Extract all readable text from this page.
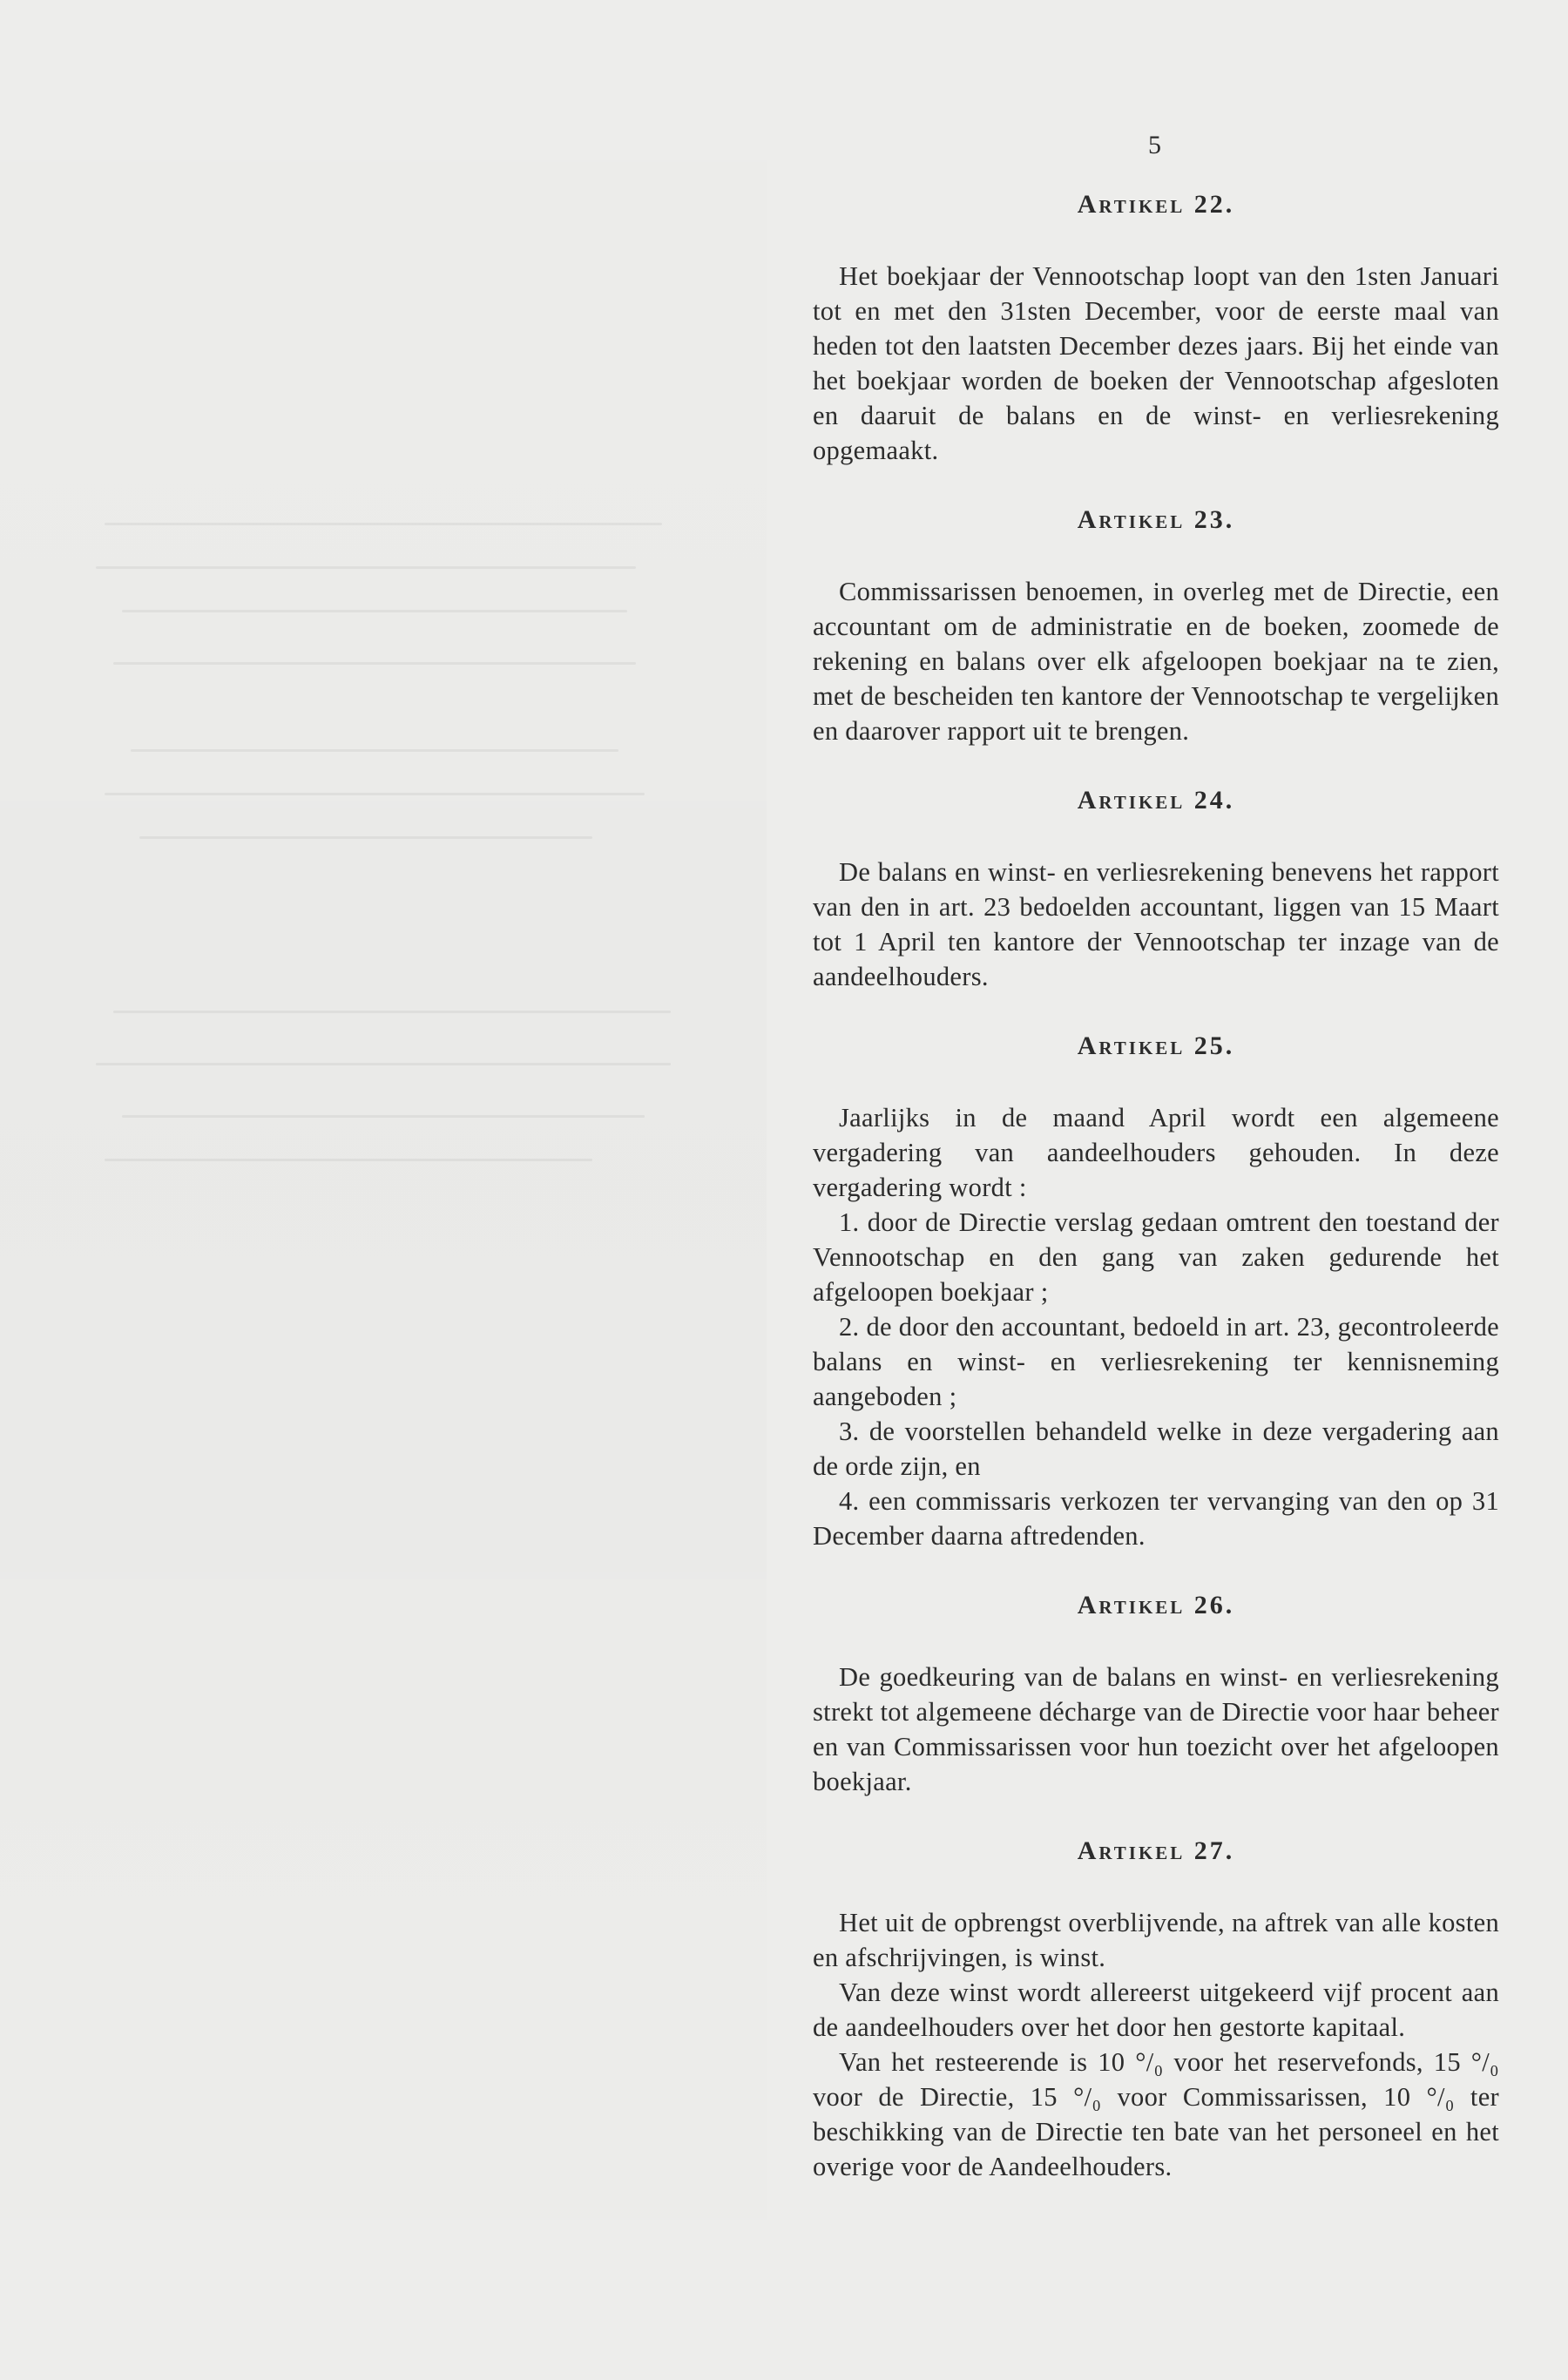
5
Artikel 22.

Het boekjaar der Vennootschap loopt van den 1sten Januari tot en met den 31sten December, voor de eerste maal van heden tot den laatsten December dezes jaars. Bij het einde van het boekjaar worden de boeken der Vennootschap afgesloten en daaruit de balans en de winst- en verliesrekening opgemaakt.

Artikel 23.

Commissarissen benoemen, in overleg met de Directie, een accountant om de administratie en de boeken, zoomede de rekening en balans over elk afgeloopen boekjaar na te zien, met de bescheiden ten kantore der Vennootschap te vergelijken en daarover rapport uit te brengen.

Artikel 24.

De balans en winst- en verliesrekening benevens het rapport van den in art. 23 bedoelden accountant, liggen van 15 Maart tot 1 April ten kantore der Vennootschap ter inzage van de aandeelhouders.

Artikel 25.

Jaarlijks in de maand April wordt een algemeene vergadering van aandeelhouders gehouden. In deze vergadering wordt :

1. door de Directie verslag gedaan omtrent den toestand der Vennootschap en den gang van zaken gedurende het afgeloopen boekjaar ;

2. de door den accountant, bedoeld in art. 23, gecontroleerde balans en winst- en verliesrekening ter kennisneming aangeboden ;

3. de voorstellen behandeld welke in deze vergadering aan de orde zijn, en

4. een commissaris verkozen ter vervanging van den op 31 December daarna aftredenden.

Artikel 26.

De goedkeuring van de balans en winst- en verliesrekening strekt tot algemeene décharge van de Directie voor haar beheer en van Commissarissen voor hun toezicht over het afgeloopen boekjaar.

Artikel 27.

Het uit de opbrengst overblijvende, na aftrek van alle kosten en afschrijvingen, is winst.

Van deze winst wordt allereerst uitgekeerd vijf procent aan de aandeelhouders over het door hen gestorte kapitaal.

Van het resteerende is 10 °/₀ voor het reservefonds, 15 °/₀ voor de Directie, 15 °/₀ voor Commissarissen, 10 °/₀ ter beschikking van de Directie ten bate van het personeel en het overige voor de Aandeelhouders.
